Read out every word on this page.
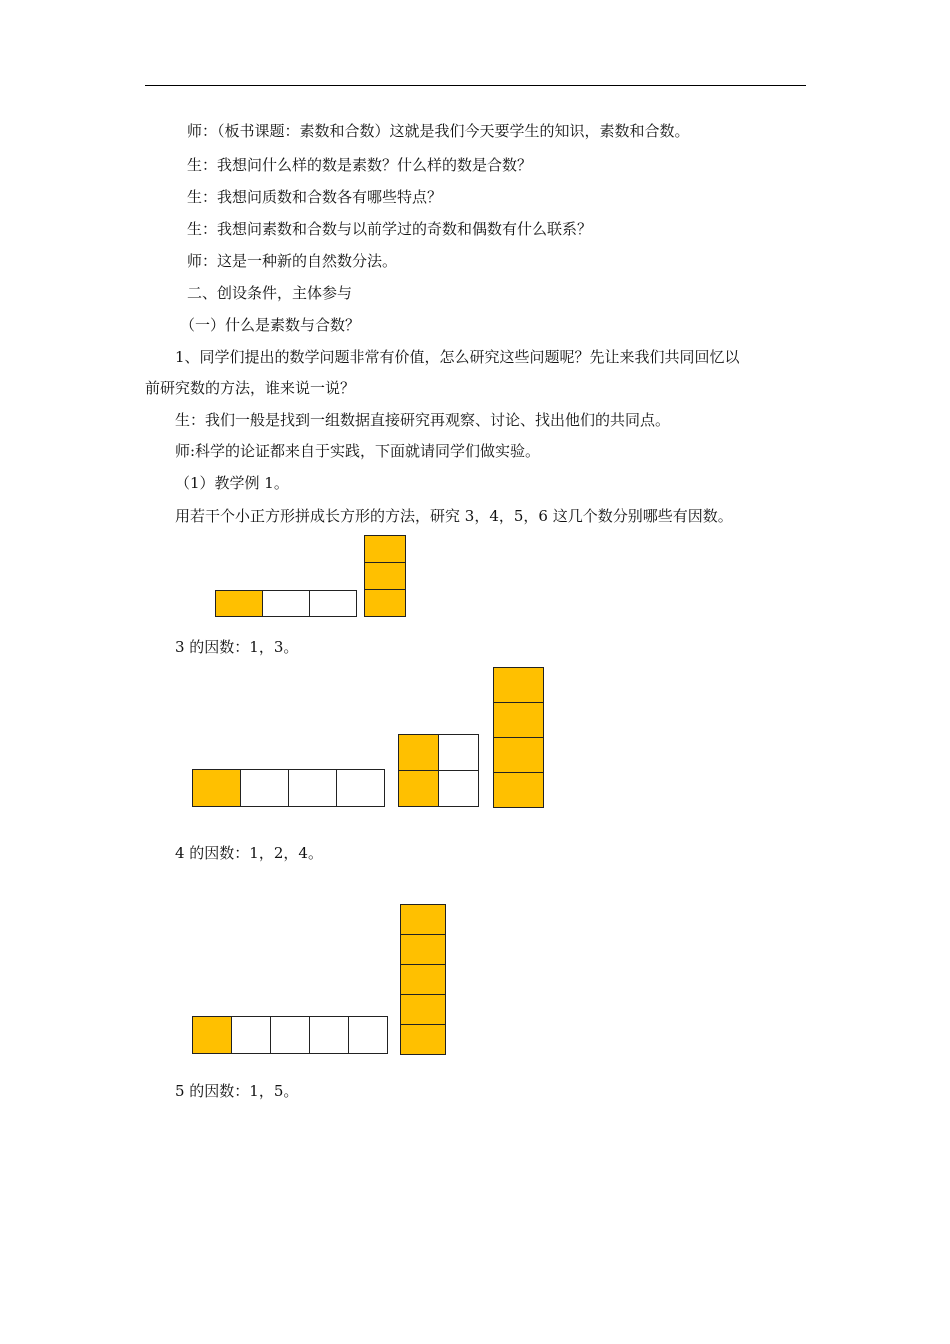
师：（板书课题：素数和合数）这就是我们今天要学生的知识，素数和合数。
生：我想问什么样的数是素数？什么样的数是合数？
生：我想问质数和合数各有哪些特点？
生：我想问素数和合数与以前学过的奇数和偶数有什么联系？
师：这是一种新的自然数分法。
二、创设条件，主体参与
（一）什么是素数与合数？
1、同学们提出的数学问题非常有价值，怎么研究这些问题呢？先让来我们共同回忆以
前研究数的方法，谁来说一说？
生：我们一般是找到一组数据直接研究再观察、讨论、找出他们的共同点。
师:科学的论证都来自于实践，下面就请同学们做实验。
（1）教学例 1。
用若干个小正方形拼成长方形的方法，研究 3，4，5，6 这几个数分别哪些有因数。
3 的因数：1，3。
4 的因数：1，2，4。
5 的因数：1，5。
